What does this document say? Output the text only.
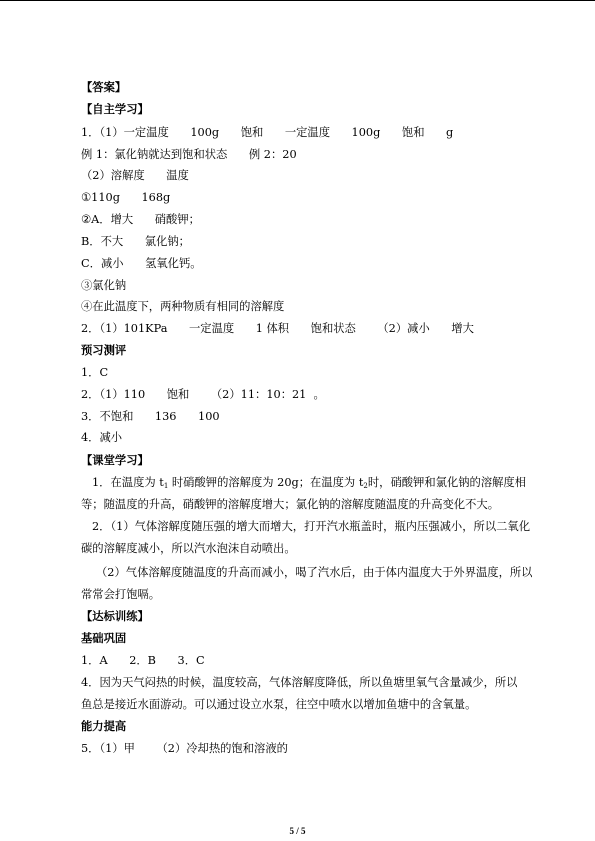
【答案】
【自主学习】
1．（1）一定温度      100g      饱和      一定温度      100g      饱和      g
例 1：氯化钠就达到饱和状态      例 2：20
（2）溶解度      温度
①110g      168g
②A．增大      硝酸钾；
B．不大      氯化钠；
C．减小      氢氧化钙。
③氯化钠
④在此温度下，两种物质有相同的溶解度
2．（1）101KPa      一定温度      1 体积      饱和状态      （2）减小      增大
预习测评
1．C
2．（1）110      饱和      （2）11：10：21  。
3．不饱和      136      100
4．减小
【课堂学习】
1．在温度为 $t_1$ 时硝酸钾的溶解度为 20g；在温度为 $t_2$时，硝酸钾和氯化钠的溶解度相
等；随温度的升高，硝酸钾的溶解度增大；氯化钠的溶解度随温度的升高变化不大。
2．（1）气体溶解度随压强的增大而增大，打开汽水瓶盖时，瓶内压强减小，所以二氧化
碳的溶解度减小，所以汽水泡沫自动喷出。
（2）气体溶解度随温度的升高而减小，喝了汽水后，由于体内温度大于外界温度，所以
常常会打饱嗝。
【达标训练】
基础巩固
1．A      2．B      3．C
4．因为天气闷热的时候，温度较高，气体溶解度降低，所以鱼塘里氧气含量减少，所以
鱼总是接近水面游动。可以通过设立水泵，往空中喷水以增加鱼塘中的含氧量。
能力提高
5．（1）甲      （2）冷却热的饱和溶液的
5 / 5
